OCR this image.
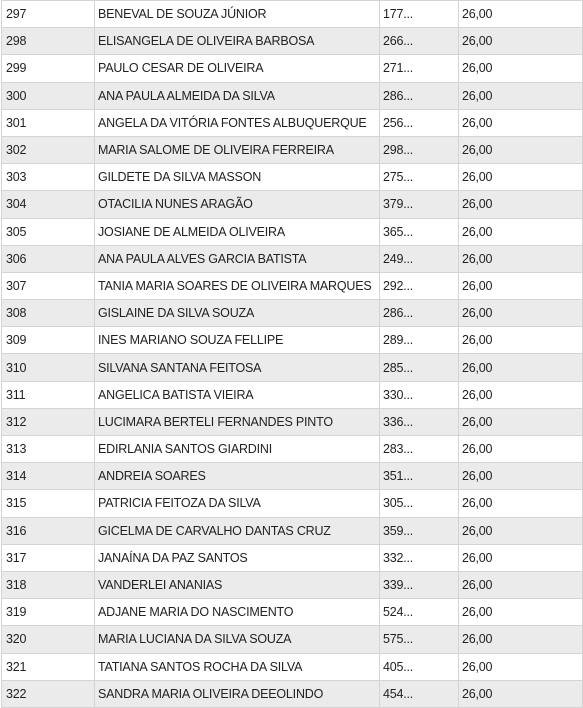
297	BENEVAL DE SOUZA JÚNIOR	177...	26,00
298	ELISANGELA DE OLIVEIRA BARBOSA	266...	26,00
299	PAULO CESAR DE OLIVEIRA	271...	26,00
300	ANA PAULA ALMEIDA DA SILVA	286...	26,00
301	ANGELA DA VITÓRIA FONTES ALBUQUERQUE	256...	26,00
302	MARIA SALOME DE OLIVEIRA FERREIRA	298...	26,00
303	GILDETE DA SILVA MASSON	275...	26,00
304	OTACILIA NUNES ARAGÃO	379...	26,00
305	JOSIANE DE ALMEIDA OLIVEIRA	365...	26,00
306	ANA PAULA ALVES GARCIA BATISTA	249...	26,00
307	TANIA MARIA SOARES DE OLIVEIRA MARQUES	292...	26,00
308	GISLAINE DA SILVA SOUZA	286...	26,00
309	INES MARIANO SOUZA FELLIPE	289...	26,00
310	SILVANA SANTANA FEITOSA	285...	26,00
311	ANGELICA BATISTA VIEIRA	330...	26,00
312	LUCIMARA BERTELI FERNANDES PINTO	336...	26,00
313	EDIRLANIA SANTOS GIARDINI	283...	26,00
314	ANDREIA SOARES	351...	26,00
315	PATRICIA FEITOZA DA SILVA	305...	26,00
316	GICELMA DE CARVALHO DANTAS CRUZ	359...	26,00
317	JANAÍNA DA PAZ SANTOS	332...	26,00
318	VANDERLEI ANANIAS	339...	26,00
319	ADJANE MARIA DO NASCIMENTO	524...	26,00
320	MARIA LUCIANA DA SILVA SOUZA	575...	26,00
321	TATIANA SANTOS ROCHA DA SILVA	405...	26,00
322	SANDRA MARIA OLIVEIRA DEEOLINDO	454...	26,00
